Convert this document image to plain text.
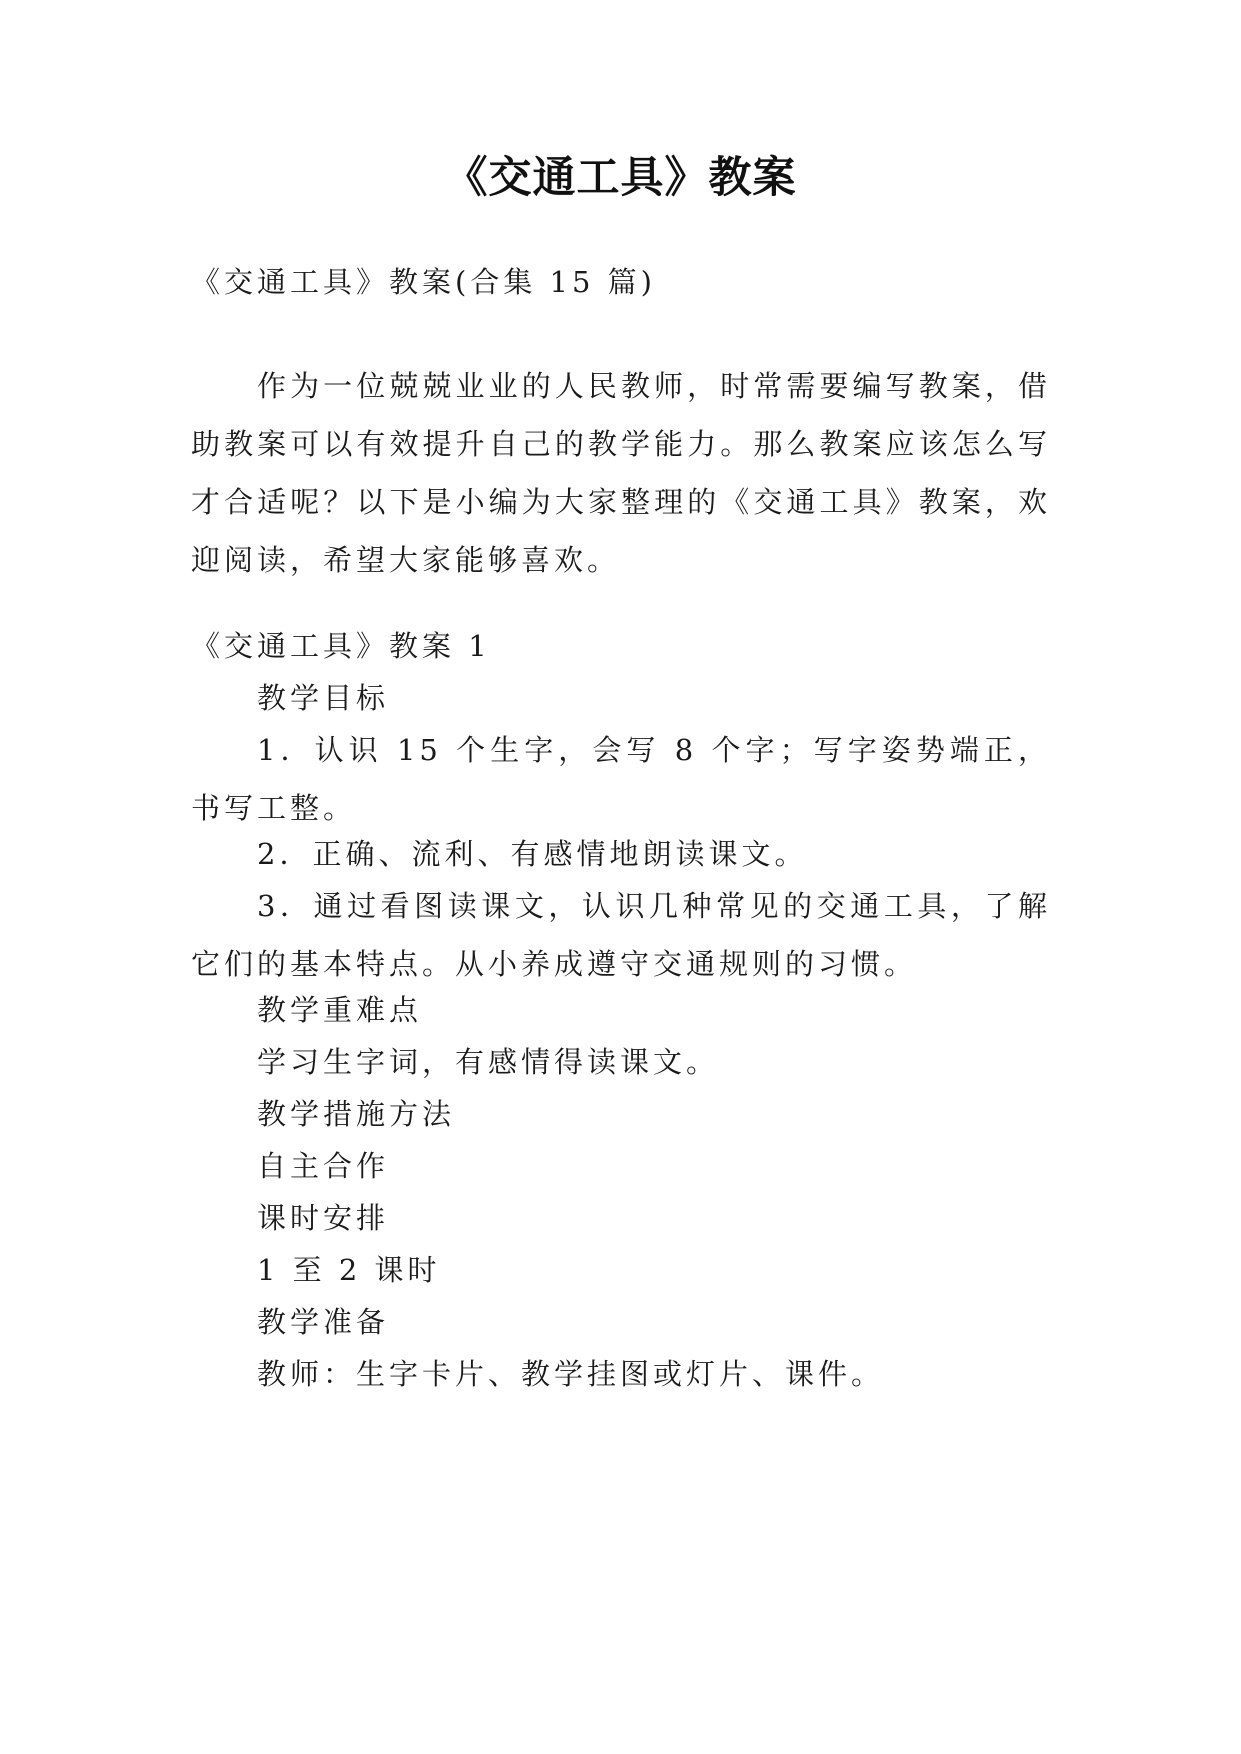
《交通工具》教案
《交通工具》教案(合集 15 篇)
作为一位兢兢业业的人民教师，时常需要编写教案，借助教案可以有效提升自己的教学能力。那么教案应该怎么写才合适呢？以下是小编为大家整理的《交通工具》教案，欢迎阅读，希望大家能够喜欢。
《交通工具》教案 1
教学目标
1．认识 15 个生字，会写 8 个字；写字姿势端正，书写工整。
2．正确、流利、有感情地朗读课文。
3．通过看图读课文，认识几种常见的交通工具，了解它们的基本特点。从小养成遵守交通规则的习惯。
教学重难点
学习生字词，有感情得读课文。
教学措施方法
自主合作
课时安排
1 至 2 课时
教学准备
教师：生字卡片、教学挂图或灯片、课件。
